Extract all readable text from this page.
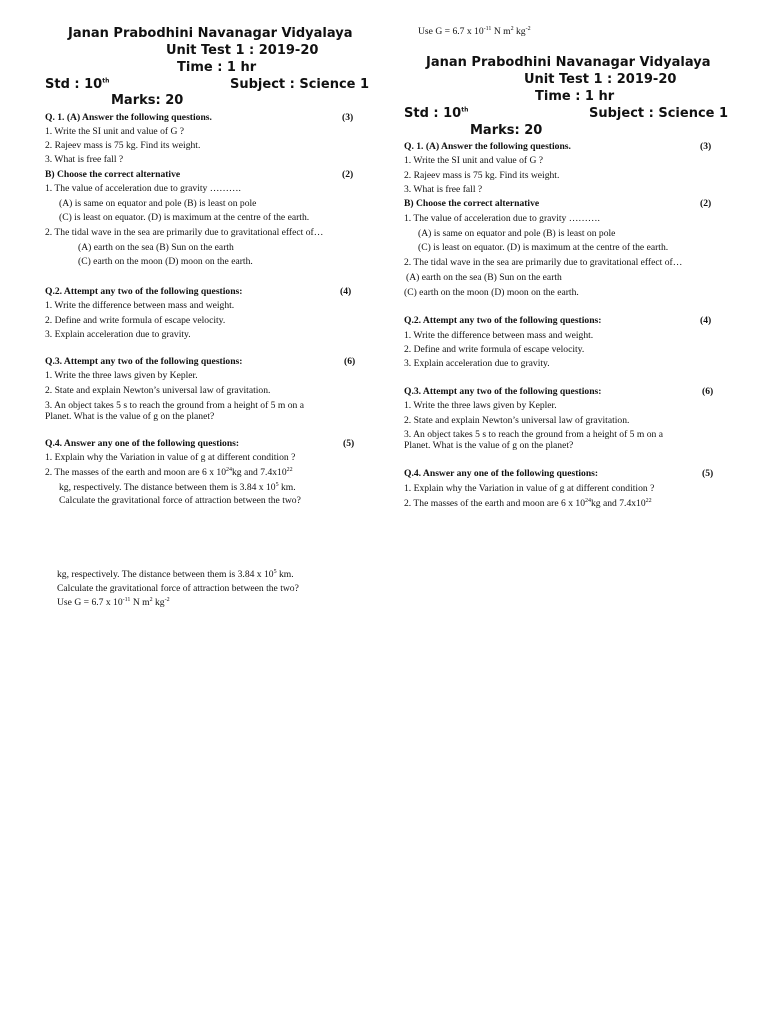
Janan Prabodhini Navanagar Vidyalaya
Unit Test 1 : 2019-20
Time : 1 hr
Std : 10th	Subject : Science 1
Marks: 20
Q. 1. (A) Answer the following questions.	(3)
1. Write the SI unit and value of G ?
2. Rajeev mass is 75 kg. Find its weight.
3. What is free fall ?
B) Choose the correct alternative	(2)
1. The value of acceleration due to gravity ……….
(A) is same on equator and pole (B) is least on pole
(C) is least on equator. (D) is maximum at the centre of the earth.
2. The tidal wave in the sea are primarily due to gravitational effect of…
(A) earth on the sea (B) Sun on the earth
(C) earth on the moon (D) moon on the earth.
Q.2. Attempt any two of the following questions:	(4)
1. Write the difference between mass and weight.
2. Define and write formula of escape velocity.
3. Explain acceleration due to gravity.
Q.3. Attempt any two of the following questions:	(6)
1. Write the three laws given by Kepler.
2. State and explain Newton’s universal law of gravitation.
3. An object takes 5 s to reach the ground from a height of 5 m on a
Planet. What is the value of g on the planet?
Q.4. Answer any one of the following questions:	(5)
1. Explain why the Variation in value of g at different condition ?
2. The masses of the earth and moon are 6 x $10^{24}kg$ and $7.4x10^{22}$
kg, respectively. The distance between them is 3.84 x $10^5$ km.
Calculate the gravitational force of attraction between the two?
kg, respectively. The distance between them is 3.84 x $10^5$ km.
Calculate the gravitational force of attraction between the two?
Use G = 6.7 x $10^{-11}$ N $m^2$ $kg^{-2}$
Use G = 6.7 x $10^{-11}$ N $m^2$ $kg^{-2}$
Janan Prabodhini Navanagar Vidyalaya
Unit Test 1 : 2019-20
Time : 1 hr
Std : 10th	Subject : Science 1
Marks: 20
Q. 1. (A) Answer the following questions.	(3)
1. Write the SI unit and value of G ?
2. Rajeev mass is 75 kg. Find its weight.
3. What is free fall ?
B) Choose the correct alternative	(2)
1. The value of acceleration due to gravity ……….
(A) is same on equator and pole (B) is least on pole
(C) is least on equator. (D) is maximum at the centre of the earth.
2. The tidal wave in the sea are primarily due to gravitational effect of…
(A) earth on the sea (B) Sun on the earth
(C) earth on the moon (D) moon on the earth.
Q.2. Attempt any two of the following questions:	(4)
1. Write the difference between mass and weight.
2. Define and write formula of escape velocity.
3. Explain acceleration due to gravity.
Q.3. Attempt any two of the following questions:	(6)
1. Write the three laws given by Kepler.
2. State and explain Newton’s universal law of gravitation.
3. An object takes 5 s to reach the ground from a height of 5 m on a
Planet. What is the value of g on the planet?
Q.4. Answer any one of the following questions:	(5)
1. Explain why the Variation in value of g at different condition ?
2. The masses of the earth and moon are 6 x $10^{24}kg$ and $7.4x10^{22}$
